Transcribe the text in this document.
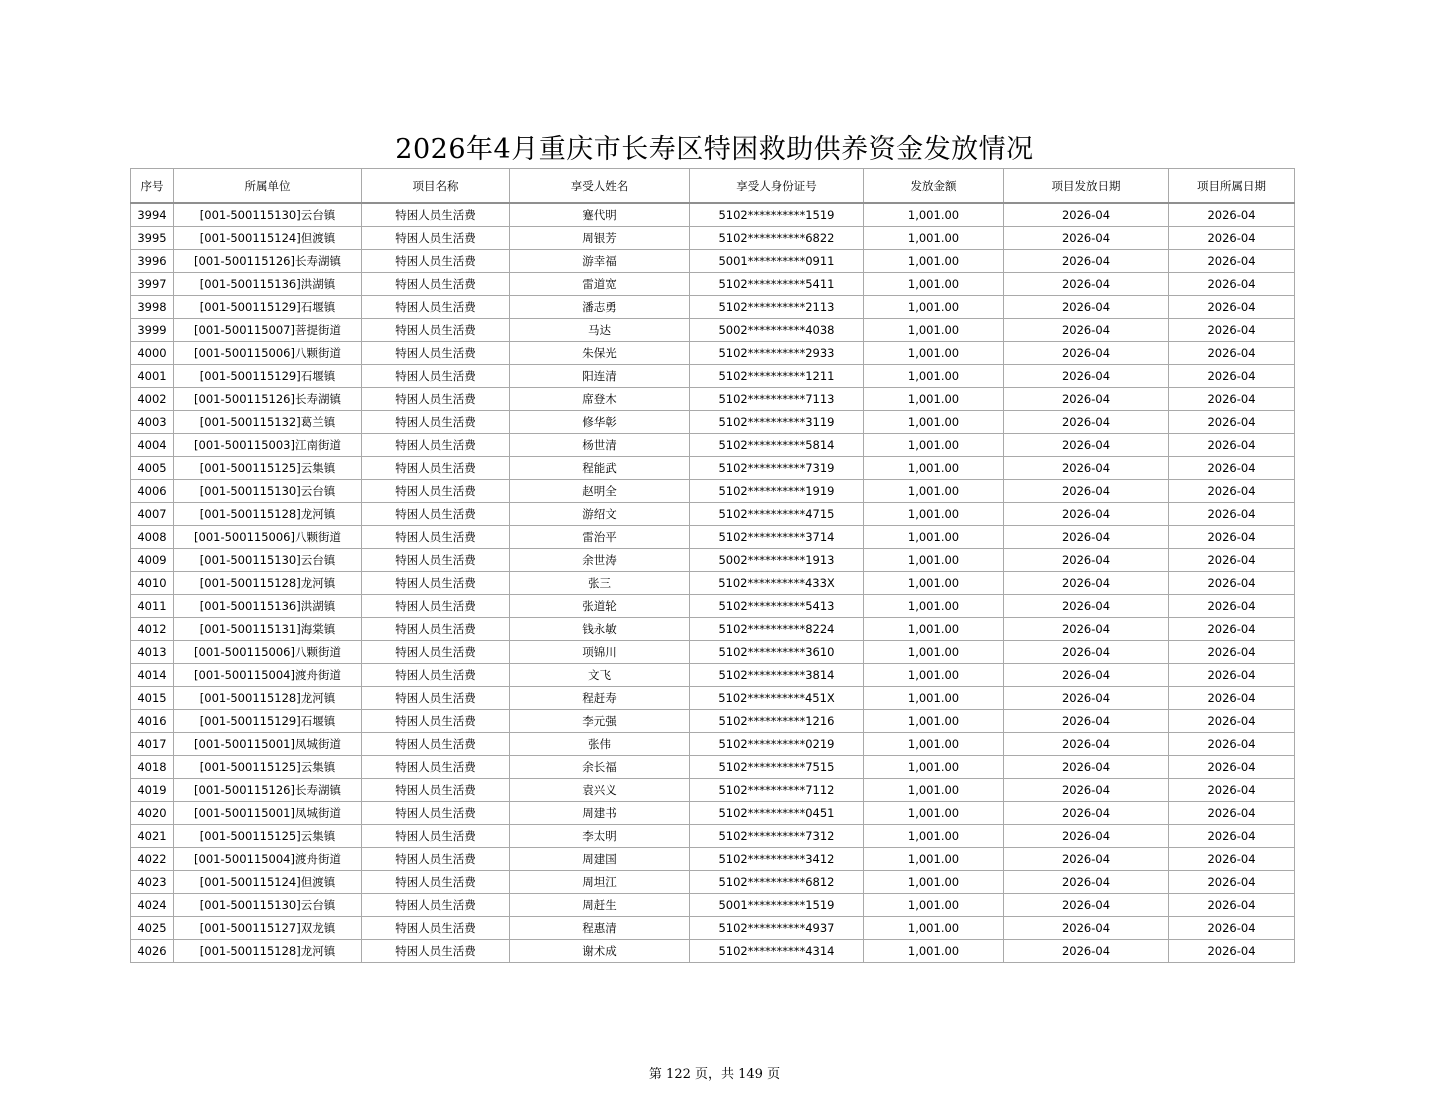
2026年4月重庆市长寿区特困救助供养资金发放情况
序号	所属单位	项目名称	享受人姓名	享受人身份证号	发放金额	项目发放日期	项目所属日期
3994	[001-500115130]云台镇	特困人员生活费	蹇代明	5102**********1519	1,001.00	2026-04	2026-04
3995	[001-500115124]但渡镇	特困人员生活费	周银芳	5102**********6822	1,001.00	2026-04	2026-04
3996	[001-500115126]长寿湖镇	特困人员生活费	游幸福	5001**********0911	1,001.00	2026-04	2026-04
3997	[001-500115136]洪湖镇	特困人员生活费	雷道宽	5102**********5411	1,001.00	2026-04	2026-04
3998	[001-500115129]石堰镇	特困人员生活费	潘志勇	5102**********2113	1,001.00	2026-04	2026-04
3999	[001-500115007]菩提街道	特困人员生活费	马达	5002**********4038	1,001.00	2026-04	2026-04
4000	[001-500115006]八颗街道	特困人员生活费	朱保光	5102**********2933	1,001.00	2026-04	2026-04
4001	[001-500115129]石堰镇	特困人员生活费	阳连清	5102**********1211	1,001.00	2026-04	2026-04
4002	[001-500115126]长寿湖镇	特困人员生活费	席登木	5102**********7113	1,001.00	2026-04	2026-04
4003	[001-500115132]葛兰镇	特困人员生活费	修华彰	5102**********3119	1,001.00	2026-04	2026-04
4004	[001-500115003]江南街道	特困人员生活费	杨世清	5102**********5814	1,001.00	2026-04	2026-04
4005	[001-500115125]云集镇	特困人员生活费	程能武	5102**********7319	1,001.00	2026-04	2026-04
4006	[001-500115130]云台镇	特困人员生活费	赵明全	5102**********1919	1,001.00	2026-04	2026-04
4007	[001-500115128]龙河镇	特困人员生活费	游绍文	5102**********4715	1,001.00	2026-04	2026-04
4008	[001-500115006]八颗街道	特困人员生活费	雷治平	5102**********3714	1,001.00	2026-04	2026-04
4009	[001-500115130]云台镇	特困人员生活费	余世涛	5002**********1913	1,001.00	2026-04	2026-04
4010	[001-500115128]龙河镇	特困人员生活费	张三	5102**********433X	1,001.00	2026-04	2026-04
4011	[001-500115136]洪湖镇	特困人员生活费	张道轮	5102**********5413	1,001.00	2026-04	2026-04
4012	[001-500115131]海棠镇	特困人员生活费	钱永敏	5102**********8224	1,001.00	2026-04	2026-04
4013	[001-500115006]八颗街道	特困人员生活费	项锦川	5102**********3610	1,001.00	2026-04	2026-04
4014	[001-500115004]渡舟街道	特困人员生活费	文飞	5102**********3814	1,001.00	2026-04	2026-04
4015	[001-500115128]龙河镇	特困人员生活费	程赶寿	5102**********451X	1,001.00	2026-04	2026-04
4016	[001-500115129]石堰镇	特困人员生活费	李元强	5102**********1216	1,001.00	2026-04	2026-04
4017	[001-500115001]凤城街道	特困人员生活费	张伟	5102**********0219	1,001.00	2026-04	2026-04
4018	[001-500115125]云集镇	特困人员生活费	余长福	5102**********7515	1,001.00	2026-04	2026-04
4019	[001-500115126]长寿湖镇	特困人员生活费	袁兴义	5102**********7112	1,001.00	2026-04	2026-04
4020	[001-500115001]凤城街道	特困人员生活费	周建书	5102**********0451	1,001.00	2026-04	2026-04
4021	[001-500115125]云集镇	特困人员生活费	李太明	5102**********7312	1,001.00	2026-04	2026-04
4022	[001-500115004]渡舟街道	特困人员生活费	周建国	5102**********3412	1,001.00	2026-04	2026-04
4023	[001-500115124]但渡镇	特困人员生活费	周坦江	5102**********6812	1,001.00	2026-04	2026-04
4024	[001-500115130]云台镇	特困人员生活费	周赶生	5001**********1519	1,001.00	2026-04	2026-04
4025	[001-500115127]双龙镇	特困人员生活费	程惠清	5102**********4937	1,001.00	2026-04	2026-04
4026	[001-500115128]龙河镇	特困人员生活费	谢术成	5102**********4314	1,001.00	2026-04	2026-04
第 122 页，共 149 页
